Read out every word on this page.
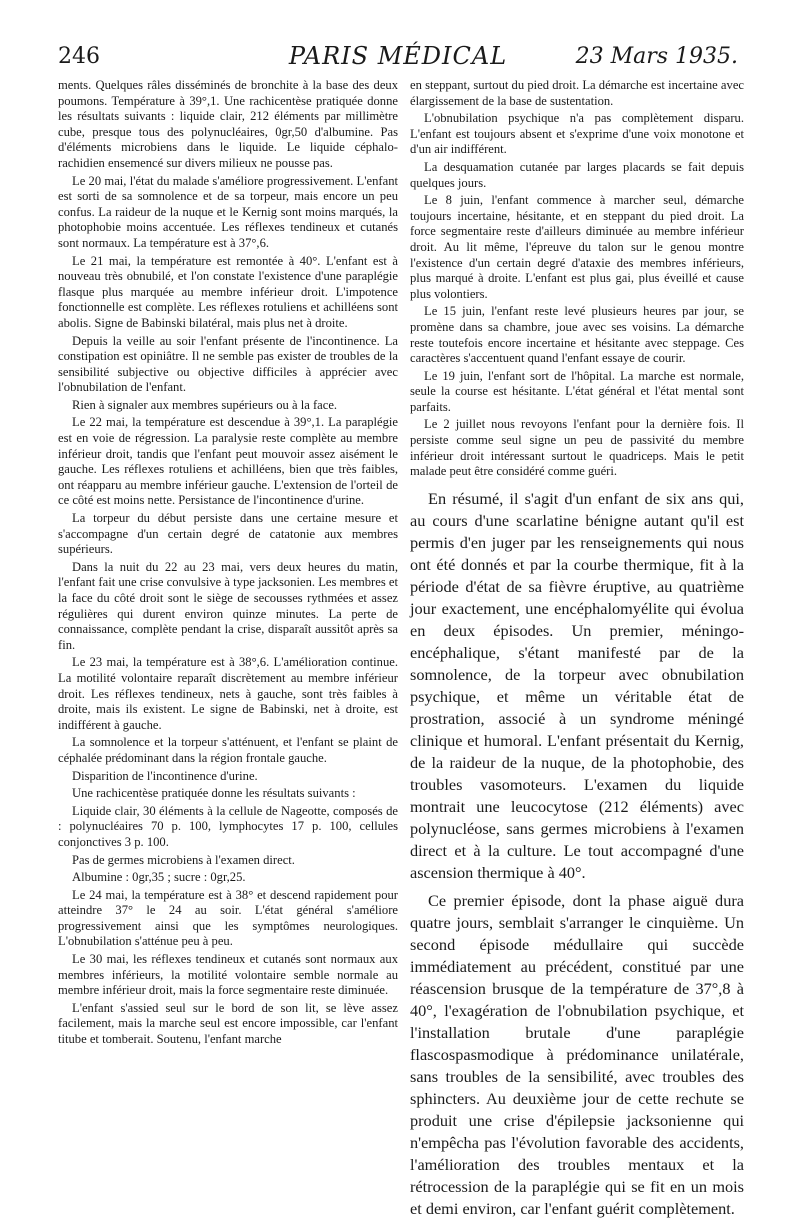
246	PARIS MÉDICAL	23 Mars 1935.

ments. Quelques râles disséminés de bronchite à la base des deux poumons. Température à 39°,1. Une rachicentèse pratiquée donne les résultats suivants : liquide clair, 212 éléments par millimètre cube, presque tous des polynucléaires, 0gr,50 d'albumine. Pas d'éléments microbiens dans le liquide. Le liquide céphalo-rachidien ensemencé sur divers milieux ne pousse pas.

Le 20 mai, l'état du malade s'améliore progressivement. L'enfant est sorti de sa somnolence et de sa torpeur, mais encore un peu confus. La raideur de la nuque et le Kernig sont moins marqués, la photophobie moins accentuée. Les réflexes tendineux et cutanés sont normaux. La température est à 37°,6.

Le 21 mai, la température est remontée à 40°. L'enfant est à nouveau très obnubilé, et l'on constate l'existence d'une paraplégie flasque plus marquée au membre inférieur droit. L'impotence fonctionnelle est complète. Les réflexes rotuliens et achilléens sont abolis. Signe de Babinski bilatéral, mais plus net à droite.

Depuis la veille au soir l'enfant présente de l'incontinence. La constipation est opiniâtre. Il ne semble pas exister de troubles de la sensibilité subjective ou objective difficiles à apprécier avec l'obnubilation de l'enfant.

Rien à signaler aux membres supérieurs ou à la face.

Le 22 mai, la température est descendue à 39°,1. La paraplégie est en voie de régression. La paralysie reste complète au membre inférieur droit, tandis que l'enfant peut mouvoir assez aisément le gauche. Les réflexes rotuliens et achilléens, bien que très faibles, ont réapparu au membre inférieur gauche. L'extension de l'orteil de ce côté est moins nette. Persistance de l'incontinence d'urine.

La torpeur du début persiste dans une certaine mesure et s'accompagne d'un certain degré de catatonie aux membres supérieurs.

Dans la nuit du 22 au 23 mai, vers deux heures du matin, l'enfant fait une crise convulsive à type jacksonien. Les membres et la face du côté droit sont le siège de secousses rythmées et assez régulières qui durent environ quinze minutes. La perte de connaissance, complète pendant la crise, disparaît aussitôt après sa fin.

Le 23 mai, la température est à 38°,6. L'amélioration continue. La motilité volontaire reparaît discrètement au membre inférieur droit. Les réflexes tendineux, nets à gauche, sont très faibles à droite, mais ils existent. Le signe de Babinski, net à droite, est indifférent à gauche.

La somnolence et la torpeur s'atténuent, et l'enfant se plaint de céphalée prédominant dans la région frontale gauche.

Disparition de l'incontinence d'urine.

Une rachicentèse pratiquée donne les résultats suivants :

Liquide clair, 30 éléments à la cellule de Nageotte, composés de : polynucléaires 70 p. 100, lymphocytes 17 p. 100, cellules conjonctives 3 p. 100.

Pas de germes microbiens à l'examen direct.

Albumine : 0gr,35 ; sucre : 0gr,25.

Le 24 mai, la température est à 38° et descend rapidement pour atteindre 37° le 24 au soir. L'état général s'améliore progressivement ainsi que les symptômes neurologiques. L'obnubilation s'atténue peu à peu.

Le 30 mai, les réflexes tendineux et cutanés sont normaux aux membres inférieurs, la motilité volontaire semble normale au membre inférieur droit, mais la force segmentaire reste diminuée.

L'enfant s'assied seul sur le bord de son lit, se lève assez facilement, mais la marche seul est encore impossible, car l'enfant titube et tomberait. Soutenu, l'enfant marche

en steppant, surtout du pied droit. La démarche est incertaine avec élargissement de la base de sustentation.

L'obnubilation psychique n'a pas complètement disparu. L'enfant est toujours absent et s'exprime d'une voix monotone et d'un air indifférent.

La desquamation cutanée par larges placards se fait depuis quelques jours.

Le 8 juin, l'enfant commence à marcher seul, démarche toujours incertaine, hésitante, et en steppant du pied droit. La force segmentaire reste d'ailleurs diminuée au membre inférieur droit. Au lit même, l'épreuve du talon sur le genou montre l'existence d'un certain degré d'ataxie des membres inférieurs, plus marqué à droite. L'enfant est plus gai, plus éveillé et cause plus volontiers.

Le 15 juin, l'enfant reste levé plusieurs heures par jour, se promène dans sa chambre, joue avec ses voisins. La démarche reste toutefois encore incertaine et hésitante avec steppage. Ces caractères s'accentuent quand l'enfant essaye de courir.

Le 19 juin, l'enfant sort de l'hôpital. La marche est normale, seule la course est hésitante. L'état général et l'état mental sont parfaits.

Le 2 juillet nous revoyons l'enfant pour la dernière fois. Il persiste comme seul signe un peu de passivité du membre inférieur droit intéressant surtout le quadriceps. Mais le petit malade peut être considéré comme guéri.

En résumé, il s'agit d'un enfant de six ans qui, au cours d'une scarlatine bénigne autant qu'il est permis d'en juger par les renseignements qui nous ont été donnés et par la courbe thermique, fit à la période d'état de sa fièvre éruptive, au quatrième jour exactement, une encéphalomyélite qui évolua en deux épisodes. Un premier, méningo-encéphalique, s'étant manifesté par de la somnolence, de la torpeur avec obnubilation psychique, et même un véritable état de prostration, associé à un syndrome méningé clinique et humoral. L'enfant présentait du Kernig, de la raideur de la nuque, de la photophobie, des troubles vasomoteurs. L'examen du liquide montrait une leucocytose (212 éléments) avec polynucléose, sans germes microbiens à l'examen direct et à la culture. Le tout accompagné d'une ascension thermique à 40°.

Ce premier épisode, dont la phase aiguë dura quatre jours, semblait s'arranger le cinquième. Un second épisode médullaire qui succède immédiatement au précédent, constitué par une réascension brusque de la température de 37°,8 à 40°, l'exagération de l'obnubilation psychique, et l'installation brutale d'une paraplégie flascospasmodique à prédominance unilatérale, sans troubles de la sensibilité, avec troubles des sphincters. Au deuxième jour de cette rechute se produit une crise d'épilepsie jacksonienne qui n'empêcha pas l'évolution favorable des accidents, l'amélioration des troubles mentaux et la rétrocession de la paraplégie qui se fit en un mois et demi environ, car l'enfant guérit complètement.
